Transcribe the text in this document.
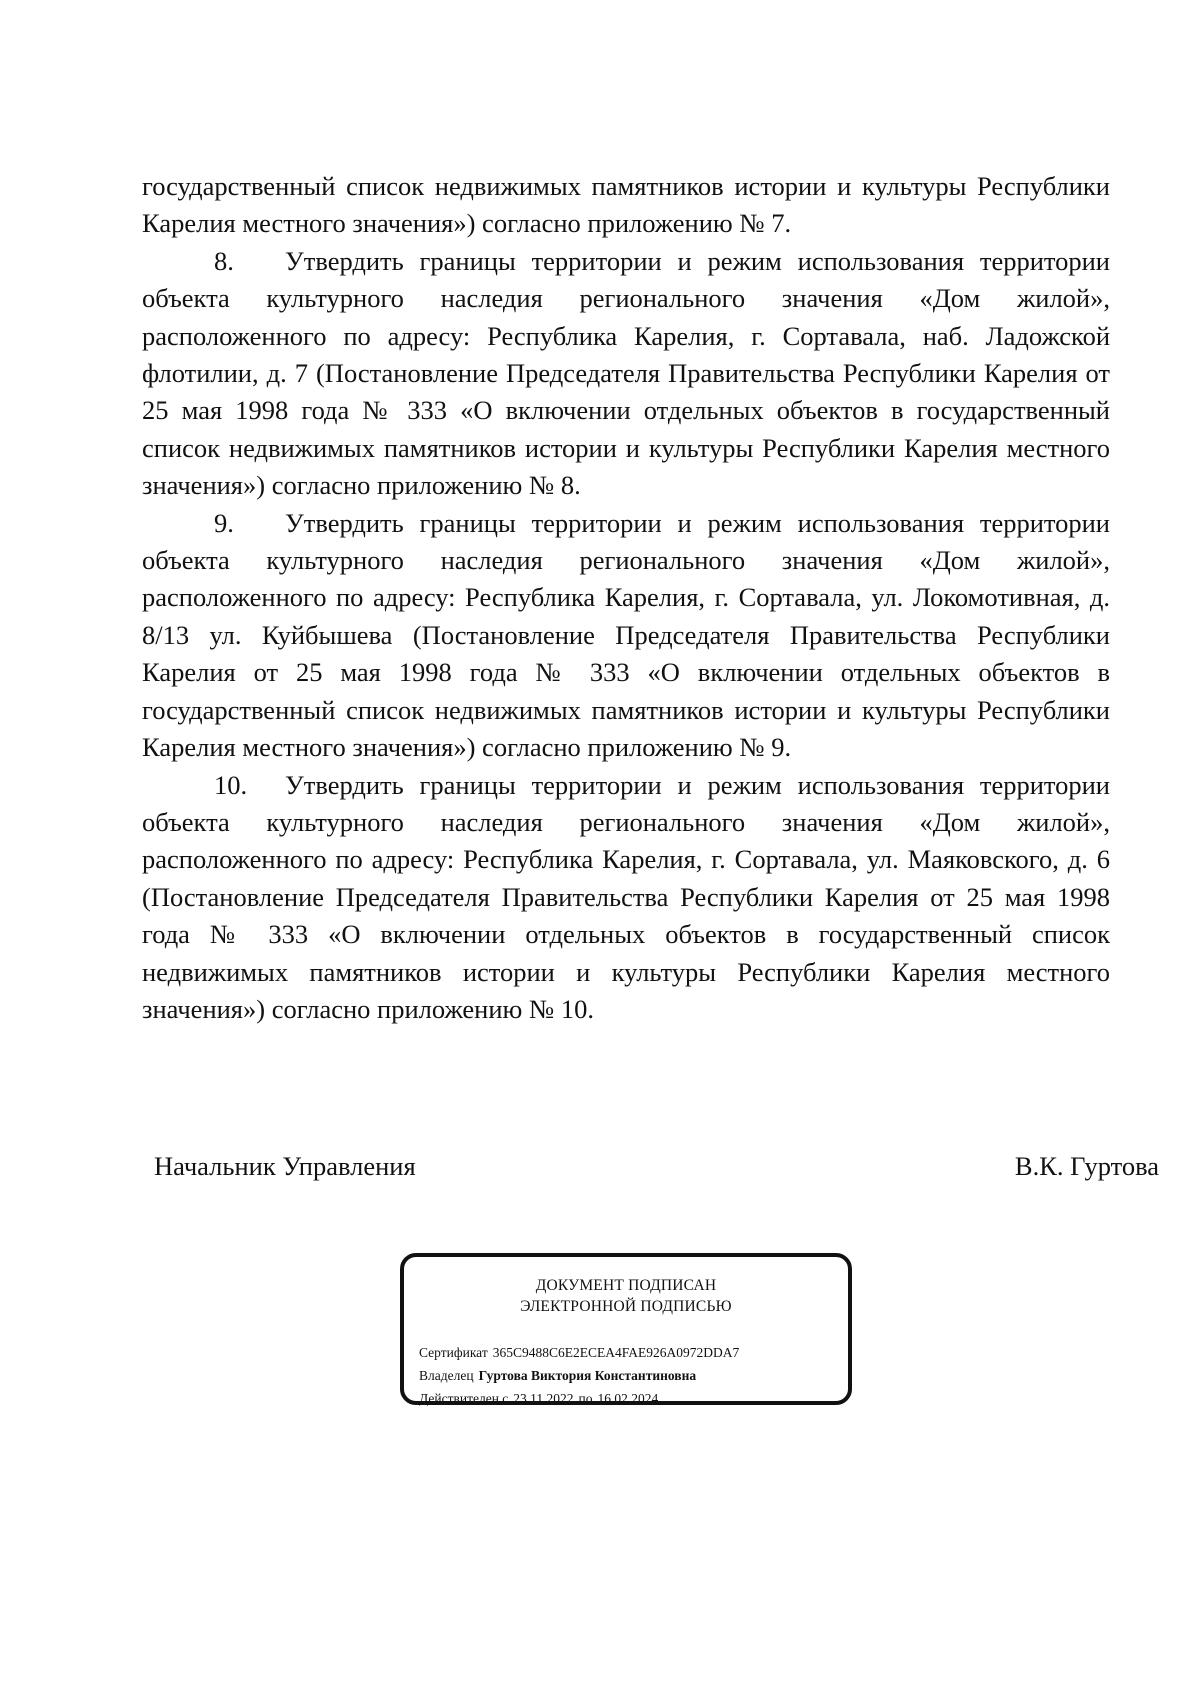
государственный список недвижимых памятников истории и культуры Республики Карелия местного значения») согласно приложению № 7.

8. Утвердить границы территории и режим использования территории объекта культурного наследия регионального значения «Дом жилой», расположенного по адресу: Республика Карелия, г. Сортавала, наб. Ладожской флотилии, д. 7 (Постановление Председателя Правительства Республики Карелия от 25 мая 1998 года № 333 «О включении отдельных объектов в государственный список недвижимых памятников истории и культуры Республики Карелия местного значения») согласно приложению № 8.

9. Утвердить границы территории и режим использования территории объекта культурного наследия регионального значения «Дом жилой», расположенного по адресу: Республика Карелия, г. Сортавала, ул. Локомотивная, д. 8/13 ул. Куйбышева (Постановление Председателя Правительства Республики Карелия от 25 мая 1998 года № 333 «О включении отдельных объектов в государственный список недвижимых памятников истории и культуры Республики Карелия местного значения») согласно приложению № 9.

10. Утвердить границы территории и режим использования территории объекта культурного наследия регионального значения «Дом жилой», расположенного по адресу: Республика Карелия, г. Сортавала, ул. Маяковского, д. 6 (Постановление Председателя Правительства Республики Карелия от 25 мая 1998 года № 333 «О включении отдельных объектов в государственный список недвижимых памятников истории и культуры Республики Карелия местного значения») согласно приложению № 10.

Начальник Управления	В.К. Гуртова
ДОКУМЕНТ ПОДПИСАН
ЭЛЕКТРОННОЙ ПОДПИСЬЮ
Сертификат 365C9488C6E2ECEA4FAE926A0972DDA7
Владелец Гуртова Виктория Константиновна
Действителен с 23.11.2022 по 16.02.2024
